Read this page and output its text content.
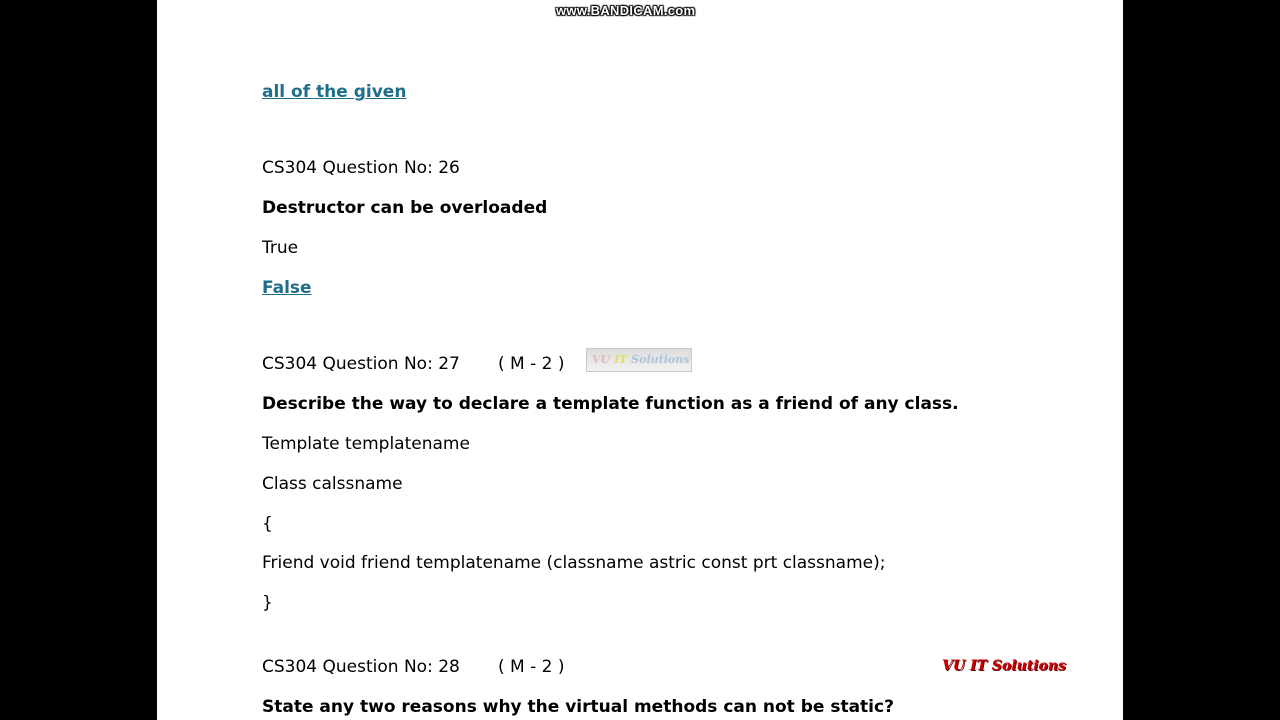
www.BANDICAM.com
all of the given
CS304 Question No: 26
Destructor can be overloaded
True
False
CS304 Question No: 27 ( M - 2 )	VU IT Solutions
Describe the way to declare a template function as a friend of any class.
Template templatename
Class calssname
{
Friend void friend templatename (classname astric const prt classname);
}
CS304 Question No: 28 ( M - 2 )	VU IT Solutions
State any two reasons why the virtual methods can not be static?
